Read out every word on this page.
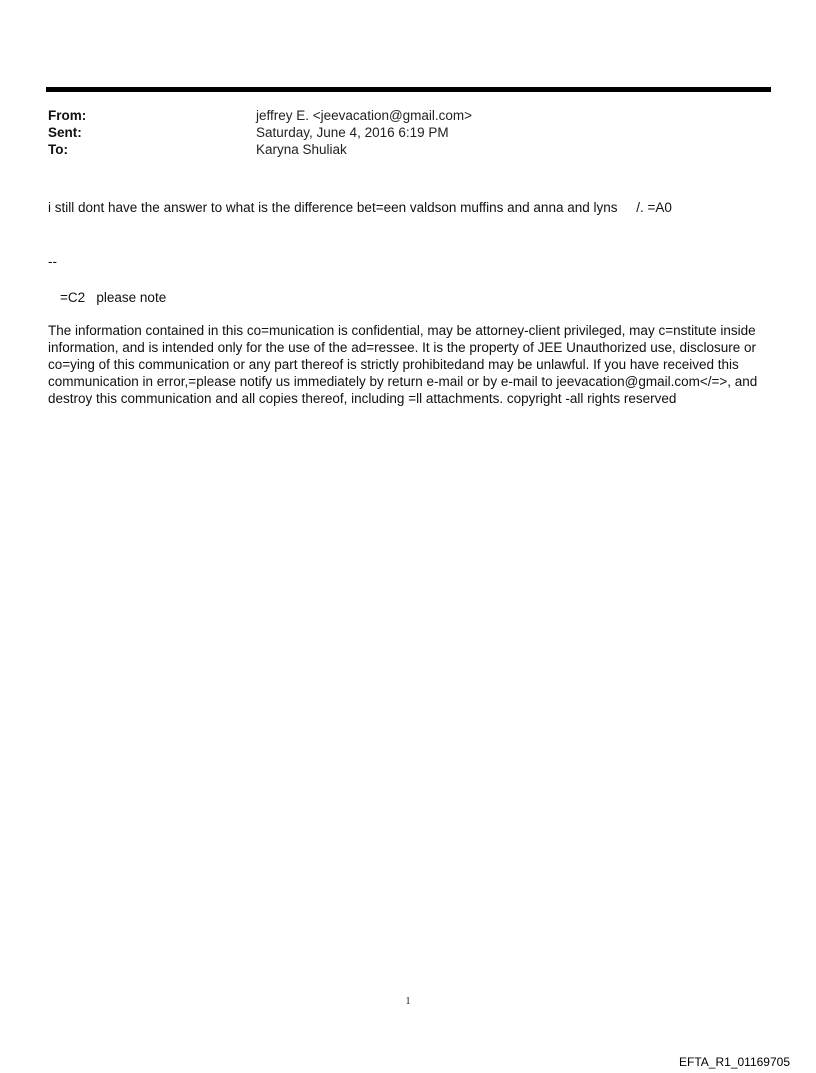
From:	jeffrey E. <jeevacation@gmail.com>
Sent:	Saturday, June 4, 2016 6:19 PM
To:	Karyna Shuliak
i still dont have the answer to what is the difference bet=een valdson muffins and anna and lyns     /. =A0
--
=C2   please note
The information contained in this co=munication is confidential, may be attorney-client privileged, may c=nstitute inside
information, and is intended only for the use of the ad=ressee. It is the property of JEE Unauthorized use, disclosure or
co=ying of this communication or any part thereof is strictly prohibitedand may be unlawful. If you have received this
communication in error,=please notify us immediately by return e-mail or by e-mail to jeevacation@gmail.com</=>, and
destroy this communication and all copies thereof, including =ll attachments. copyright -all rights reserved
1
EFTA_R1_01169705
